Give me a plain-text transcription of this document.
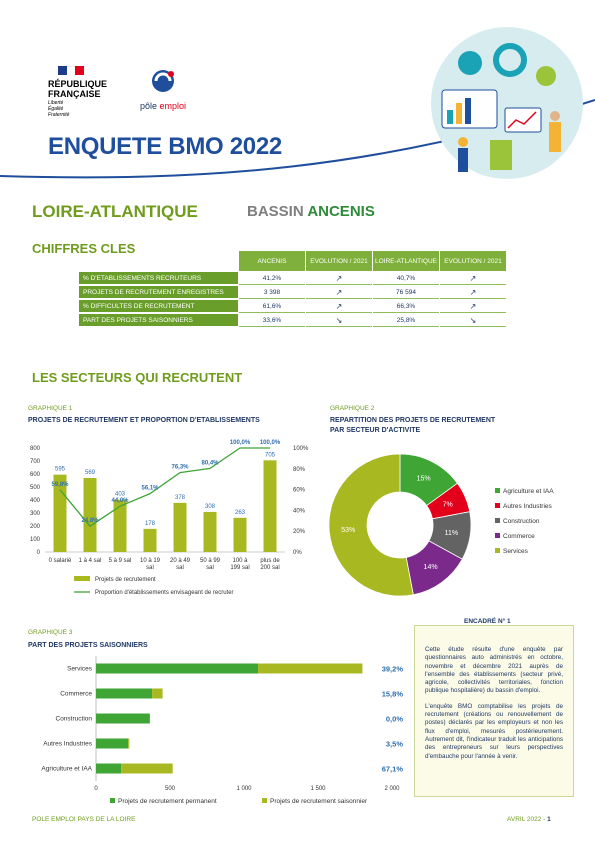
RÉPUBLIQUE
FRANÇAISE
Liberté
Égalité
Fraternité
pôle emploi
ENQUETE BMO 2022
LOIRE-ATLANTIQUE	BASSIN ANCENIS
CHIFFRES CLES
	ANCENIS	EVOLUTION / 2021	LOIRE-ATLANTIQUE	EVOLUTION / 2021
% D'ETABLISSEMENTS RECRUTEURS	41,2%	↗	40,7%	↗
PROJETS DE RECRUTEMENT ENREGISTRES	3 398	↗	76 594	↗
% DIFFICULTES DE RECRUTEMENT	61,6%	↗	66,3%	↗
PART DES PROJETS SAISONNIERS	33,6%	↘	25,8%	↘
LES SECTEURS QUI RECRUTENT
GRAPHIQUE 1
PROJETS DE RECRUTEMENT ET PROPORTION D'ETABLISSEMENTS
0
100
200
300
400
500
600
700
800
0%
20%
40%
60%
80%
100%
595
0 salarié
569
1 à 4 sal
403
5 à 9 sal
178
10 à 19
sal
378
20 à 49
sal
308
50 à 99
sal
263
100 à
199 sal
705
plus de
200 sal
59,8%
24,8%
44,0%
56,1%
76,3%
80,4%
100,0% 100,0%
Projets de recrutement
Proportion d'établissements envisageant de recruter
GRAPHIQUE 2
REPARTITION DES PROJETS DE RECRUTEMENT
PAR SECTEUR D'ACTIVITE
15%
7%
11%
14%
53%
Agriculture et IAA
Autres Industries
Construction
Commerce
Services
GRAPHIQUE 3
PART DES PROJETS SAISONNIERS
0	500	1 000	1 500	2 000
Services	39,2%
Commerce	15,8%
Construction	0,0%
Autres Industries	3,5%
Agriculture et IAA	67,1%
Projets de recrutement permanent	Projets de recrutement saisonnier

Cette étude résulte d'une enquête par questionnaires auto administrés en octobre, novembre et décembre 2021 auprès de l'ensemble des établissements (secteur privé, agricole, collectivités territoriales, fonction publique hospitalière) du bassin d'emploi.

L'enquête BMO comptabilise les projets de recrutement (créations ou renouvellement de postes) déclarés par les employeurs et non les flux d'emploi, mesurés postérieurement. Autrement dit, l'indicateur traduit les anticipations des entrepreneurs sur leurs perspectives d'embauche pour l'année à venir.

ENCADRÉ N° 1
POLE EMPLOI PAYS DE LA LOIRE	AVRIL 2022 - 1
